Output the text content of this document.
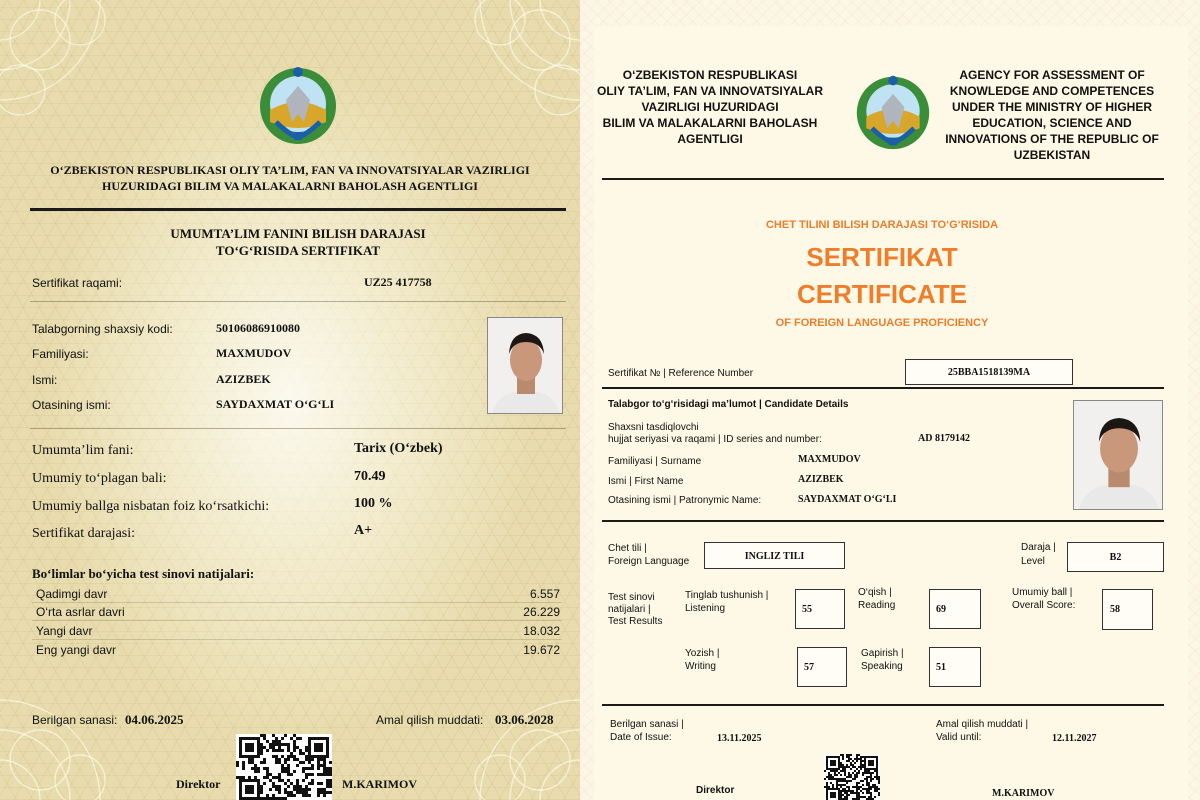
O‘ZBEKISTON RESPUBLIKASI OLIY TA’LIM, FAN VA INNOVATSIYALAR VAZIRLIGI
HUZURIDAGI BILIM VA MALAKALARNI BAHOLASH AGENTLIGI
UMUMTA’LIM FANINI BILISH DARAJASI
TO‘G‘RISIDA SERTIFIKAT
Sertifikat raqami:	UZ25 417758
Talabgorning shaxsiy kodi:	50106086910080
Familiyasi:	MAXMUDOV
Ismi:	AZIZBEK
Otasining ismi:	SAYDAXMAT O‘G‘LI
Umumta’lim fani:	Tarix (O‘zbek)
Umumiy to‘plagan bali:	70.49
Umumiy ballga nisbatan foiz ko‘rsatkichi:	100 %
Sertifikat darajasi:	A+
Bo‘limlar bo‘yicha test sinovi natijalari:
Qadimgi davr	6.557
O‘rta asrlar davri	26.229
Yangi davr	18.032
Eng yangi davr	19.672
Berilgan sanasi: 04.06.2025	Amal qilish muddati: 03.06.2028
Direktor	M.KARIMOV
O‘ZBEKISTON RESPUBLIKASI
OLIY TA’LIM, FAN VA INNOVATSIYALAR
VAZIRLIGI HUZURIDAGI
BILIM VA MALAKALARNI BAHOLASH
AGENTLIGI
AGENCY FOR ASSESSMENT OF
KNOWLEDGE AND COMPETENCES
UNDER THE MINISTRY OF HIGHER
EDUCATION, SCIENCE AND
INNOVATIONS OF THE REPUBLIC OF
UZBEKISTAN
CHET TILINI BILISH DARAJASI TO‘G‘RISIDA
SERTIFIKAT
CERTIFICATE
OF FOREIGN LANGUAGE PROFICIENCY
Sertifikat № | Reference Number	25BBA1518139MA
Talabgor to‘g‘risidagi ma’lumot | Candidate Details
Shaxsni tasdiqlovchi
hujjat seriyasi va raqami | ID series and number:	AD 8179142
Familiyasi | Surname	MAXMUDOV
Ismi | First Name	AZIZBEK
Otasining ismi | Patronymic Name:	SAYDAXMAT O‘G‘LI
Chet tili |
Foreign Language	INGLIZ TILI
Daraja |
Level	B2
Test sinovi
natijalari |
Test Results
Tinglab tushunish |
Listening	55
O‘qish |
Reading	69
Umumiy ball |
Overall Score:	58
Yozish |
Writing	57
Gapirish |
Speaking	51
Berilgan sanasi |
Date of Issue:	13.11.2025
Amal qilish muddati |
Valid until:	12.11.2027
Direktor	M.KARIMOV
